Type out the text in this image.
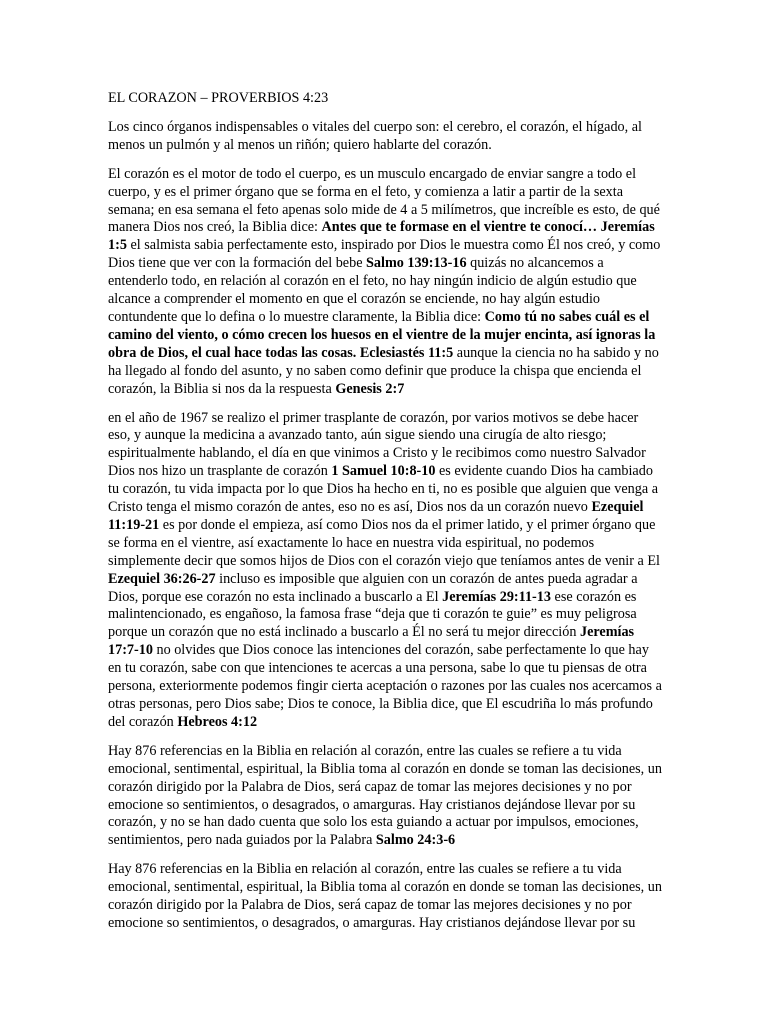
EL CORAZON – PROVERBIOS 4:23

Los cinco órganos indispensables o vitales del cuerpo son: el cerebro, el corazón, el hígado, al menos un pulmón y al menos un riñón; quiero hablarte del corazón.

El corazón es el motor de todo el cuerpo, es un musculo encargado de enviar sangre a todo el cuerpo, y es el primer órgano que se forma en el feto, y comienza a latir a partir de la sexta semana; en esa semana el feto apenas solo mide de 4 a 5 milímetros, que increíble es esto, de qué manera Dios nos creó, la Biblia dice: Antes que te formase en el vientre te conocí… Jeremías 1:5 el salmista sabia perfectamente esto, inspirado por Dios le muestra como Él nos creó, y como Dios tiene que ver con la formación del bebe Salmo 139:13-16 quizás no alcancemos a entenderlo todo, en relación al corazón en el feto, no hay ningún indicio de algún estudio que alcance a comprender el momento en que el corazón se enciende, no hay algún estudio contundente que lo defina o lo muestre claramente, la Biblia dice: Como tú no sabes cuál es el camino del viento, o cómo crecen los huesos en el vientre de la mujer encinta, así ignoras la obra de Dios, el cual hace todas las cosas. Eclesiastés 11:5 aunque la ciencia no ha sabido y no ha llegado al fondo del asunto, y no saben como definir que produce la chispa que encienda el corazón, la Biblia si nos da la respuesta Genesis 2:7

en el año de 1967 se realizo el primer trasplante de corazón, por varios motivos se debe hacer eso, y aunque la medicina a avanzado tanto, aún sigue siendo una cirugía de alto riesgo; espiritualmente hablando, el día en que vinimos a Cristo y le recibimos como nuestro Salvador Dios nos hizo un trasplante de corazón 1 Samuel 10:8-10 es evidente cuando Dios ha cambiado tu corazón, tu vida impacta por lo que Dios ha hecho en ti, no es posible que alguien que venga a Cristo tenga el mismo corazón de antes, eso no es así, Dios nos da un corazón nuevo Ezequiel 11:19-21 es por donde el empieza, así como Dios nos da el primer latido, y el primer órgano que se forma en el vientre, así exactamente lo hace en nuestra vida espiritual, no podemos simplemente decir que somos hijos de Dios con el corazón viejo que teníamos antes de venir a El Ezequiel 36:26-27 incluso es imposible que alguien con un corazón de antes pueda agradar a Dios, porque ese corazón no esta inclinado a buscarlo a El Jeremías 29:11-13 ese corazón es malintencionado, es engañoso, la famosa frase “deja que ti corazón te guie” es muy peligrosa porque un corazón que no está inclinado a buscarlo a Él no será tu mejor dirección Jeremías 17:7-10 no olvides que Dios conoce las intenciones del corazón, sabe perfectamente lo que hay en tu corazón, sabe con que intenciones te acercas a una persona, sabe lo que tu piensas de otra persona, exteriormente podemos fingir cierta aceptación o razones por las cuales nos acercamos a otras personas, pero Dios sabe; Dios te conoce, la Biblia dice, que El escudriña lo más profundo del corazón Hebreos 4:12

Hay 876 referencias en la Biblia en relación al corazón, entre las cuales se refiere a tu vida emocional, sentimental, espiritual, la Biblia toma al corazón en donde se toman las decisiones, un corazón dirigido por la Palabra de Dios, será capaz de tomar las mejores decisiones y no por emocione so sentimientos, o desagrados, o amarguras. Hay cristianos dejándose llevar por su corazón, y no se han dado cuenta que solo los esta guiando a actuar por impulsos, emociones, sentimientos, pero nada guiados por la Palabra Salmo 24:3-6

Hay 876 referencias en la Biblia en relación al corazón, entre las cuales se refiere a tu vida emocional, sentimental, espiritual, la Biblia toma al corazón en donde se toman las decisiones, un corazón dirigido por la Palabra de Dios, será capaz de tomar las mejores decisiones y no por emocione so sentimientos, o desagrados, o amarguras. Hay cristianos dejándose llevar por su
